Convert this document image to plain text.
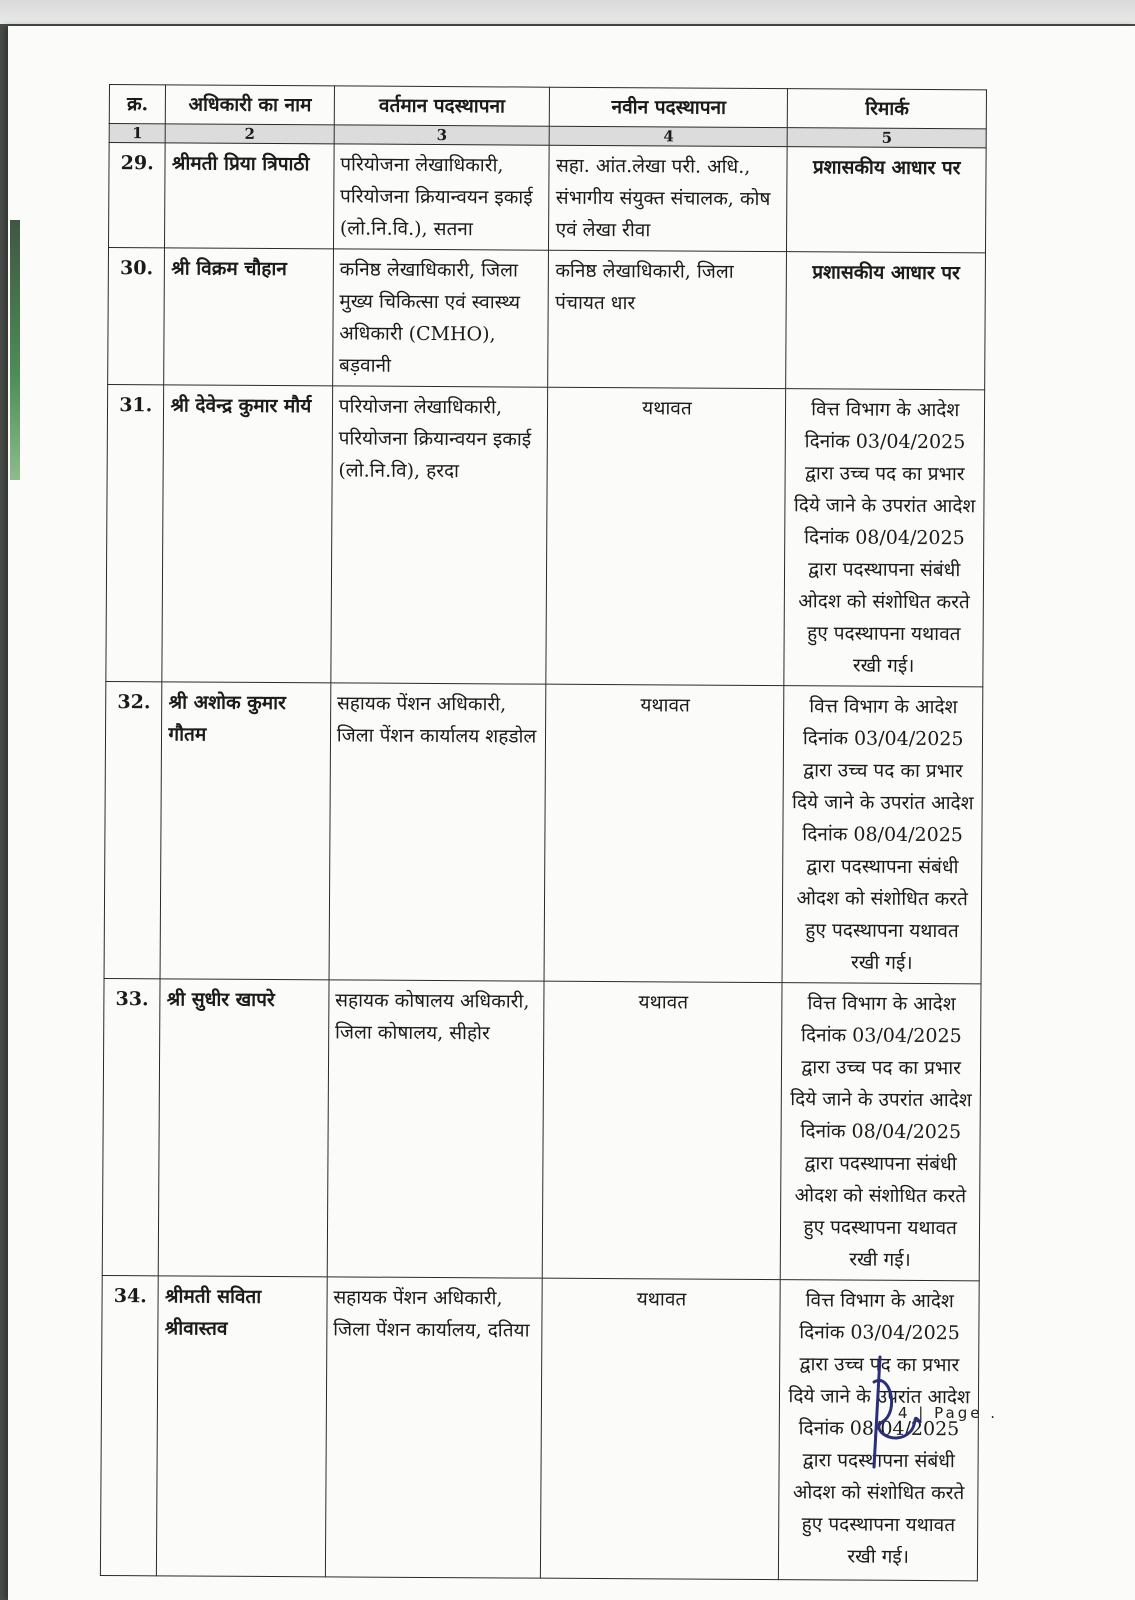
क्र.	अधिकारी का नाम	वर्तमान पदस्थापना	नवीन पदस्थापना	रिमार्क
1	2	3	4	5
29.	श्रीमती प्रिया त्रिपाठी	परियोजना लेखाधिकारी, परियोजना क्रियान्वयन इकाई (लो.नि.वि.), सतना	सहा. आंत.लेखा परी. अधि., संभागीय संयुक्त संचालक, कोष एवं लेखा रीवा	प्रशासकीय आधार पर
30.	श्री विक्रम चौहान	कनिष्ठ लेखाधिकारी, जिला मुख्य चिकित्सा एवं स्वास्थ्य अधिकारी (CMHO), बड़वानी	कनिष्ठ लेखाधिकारी, जिला पंचायत धार	प्रशासकीय आधार पर
31.	श्री देवेन्द्र कुमार मौर्य	परियोजना लेखाधिकारी, परियोजना क्रियान्वयन इकाई (लो.नि.वि), हरदा	यथावत	वित्त विभाग के आदेश दिनांक 03/04/2025 द्वारा उच्च पद का प्रभार दिये जाने के उपरांत आदेश दिनांक 08/04/2025 द्वारा पदस्थापना संबंधी ओदश को संशोधित करते हुए पदस्थापना यथावत रखी गई।
32.	श्री अशोक कुमार गौतम	सहायक पेंशन अधिकारी, जिला पेंशन कार्यालय शहडोल	यथावत	वित्त विभाग के आदेश दिनांक 03/04/2025 द्वारा उच्च पद का प्रभार दिये जाने के उपरांत आदेश दिनांक 08/04/2025 द्वारा पदस्थापना संबंधी ओदश को संशोधित करते हुए पदस्थापना यथावत रखी गई।
33.	श्री सुधीर खापरे	सहायक कोषालय अधिकारी, जिला कोषालय, सीहोर	यथावत	वित्त विभाग के आदेश दिनांक 03/04/2025 द्वारा उच्च पद का प्रभार दिये जाने के उपरांत आदेश दिनांक 08/04/2025 द्वारा पदस्थापना संबंधी ओदश को संशोधित करते हुए पदस्थापना यथावत रखी गई।
34.	श्रीमती सविता श्रीवास्तव	सहायक पेंशन अधिकारी, जिला पेंशन कार्यालय, दतिया	यथावत	वित्त विभाग के आदेश दिनांक 03/04/2025 द्वारा उच्च पद का प्रभार दिये जाने के उपरांत आदेश दिनांक 08/04/2025 द्वारा पदस्थापना संबंधी ओदश को संशोधित करते हुए पदस्थापना यथावत रखी गई।
4 | Page .
